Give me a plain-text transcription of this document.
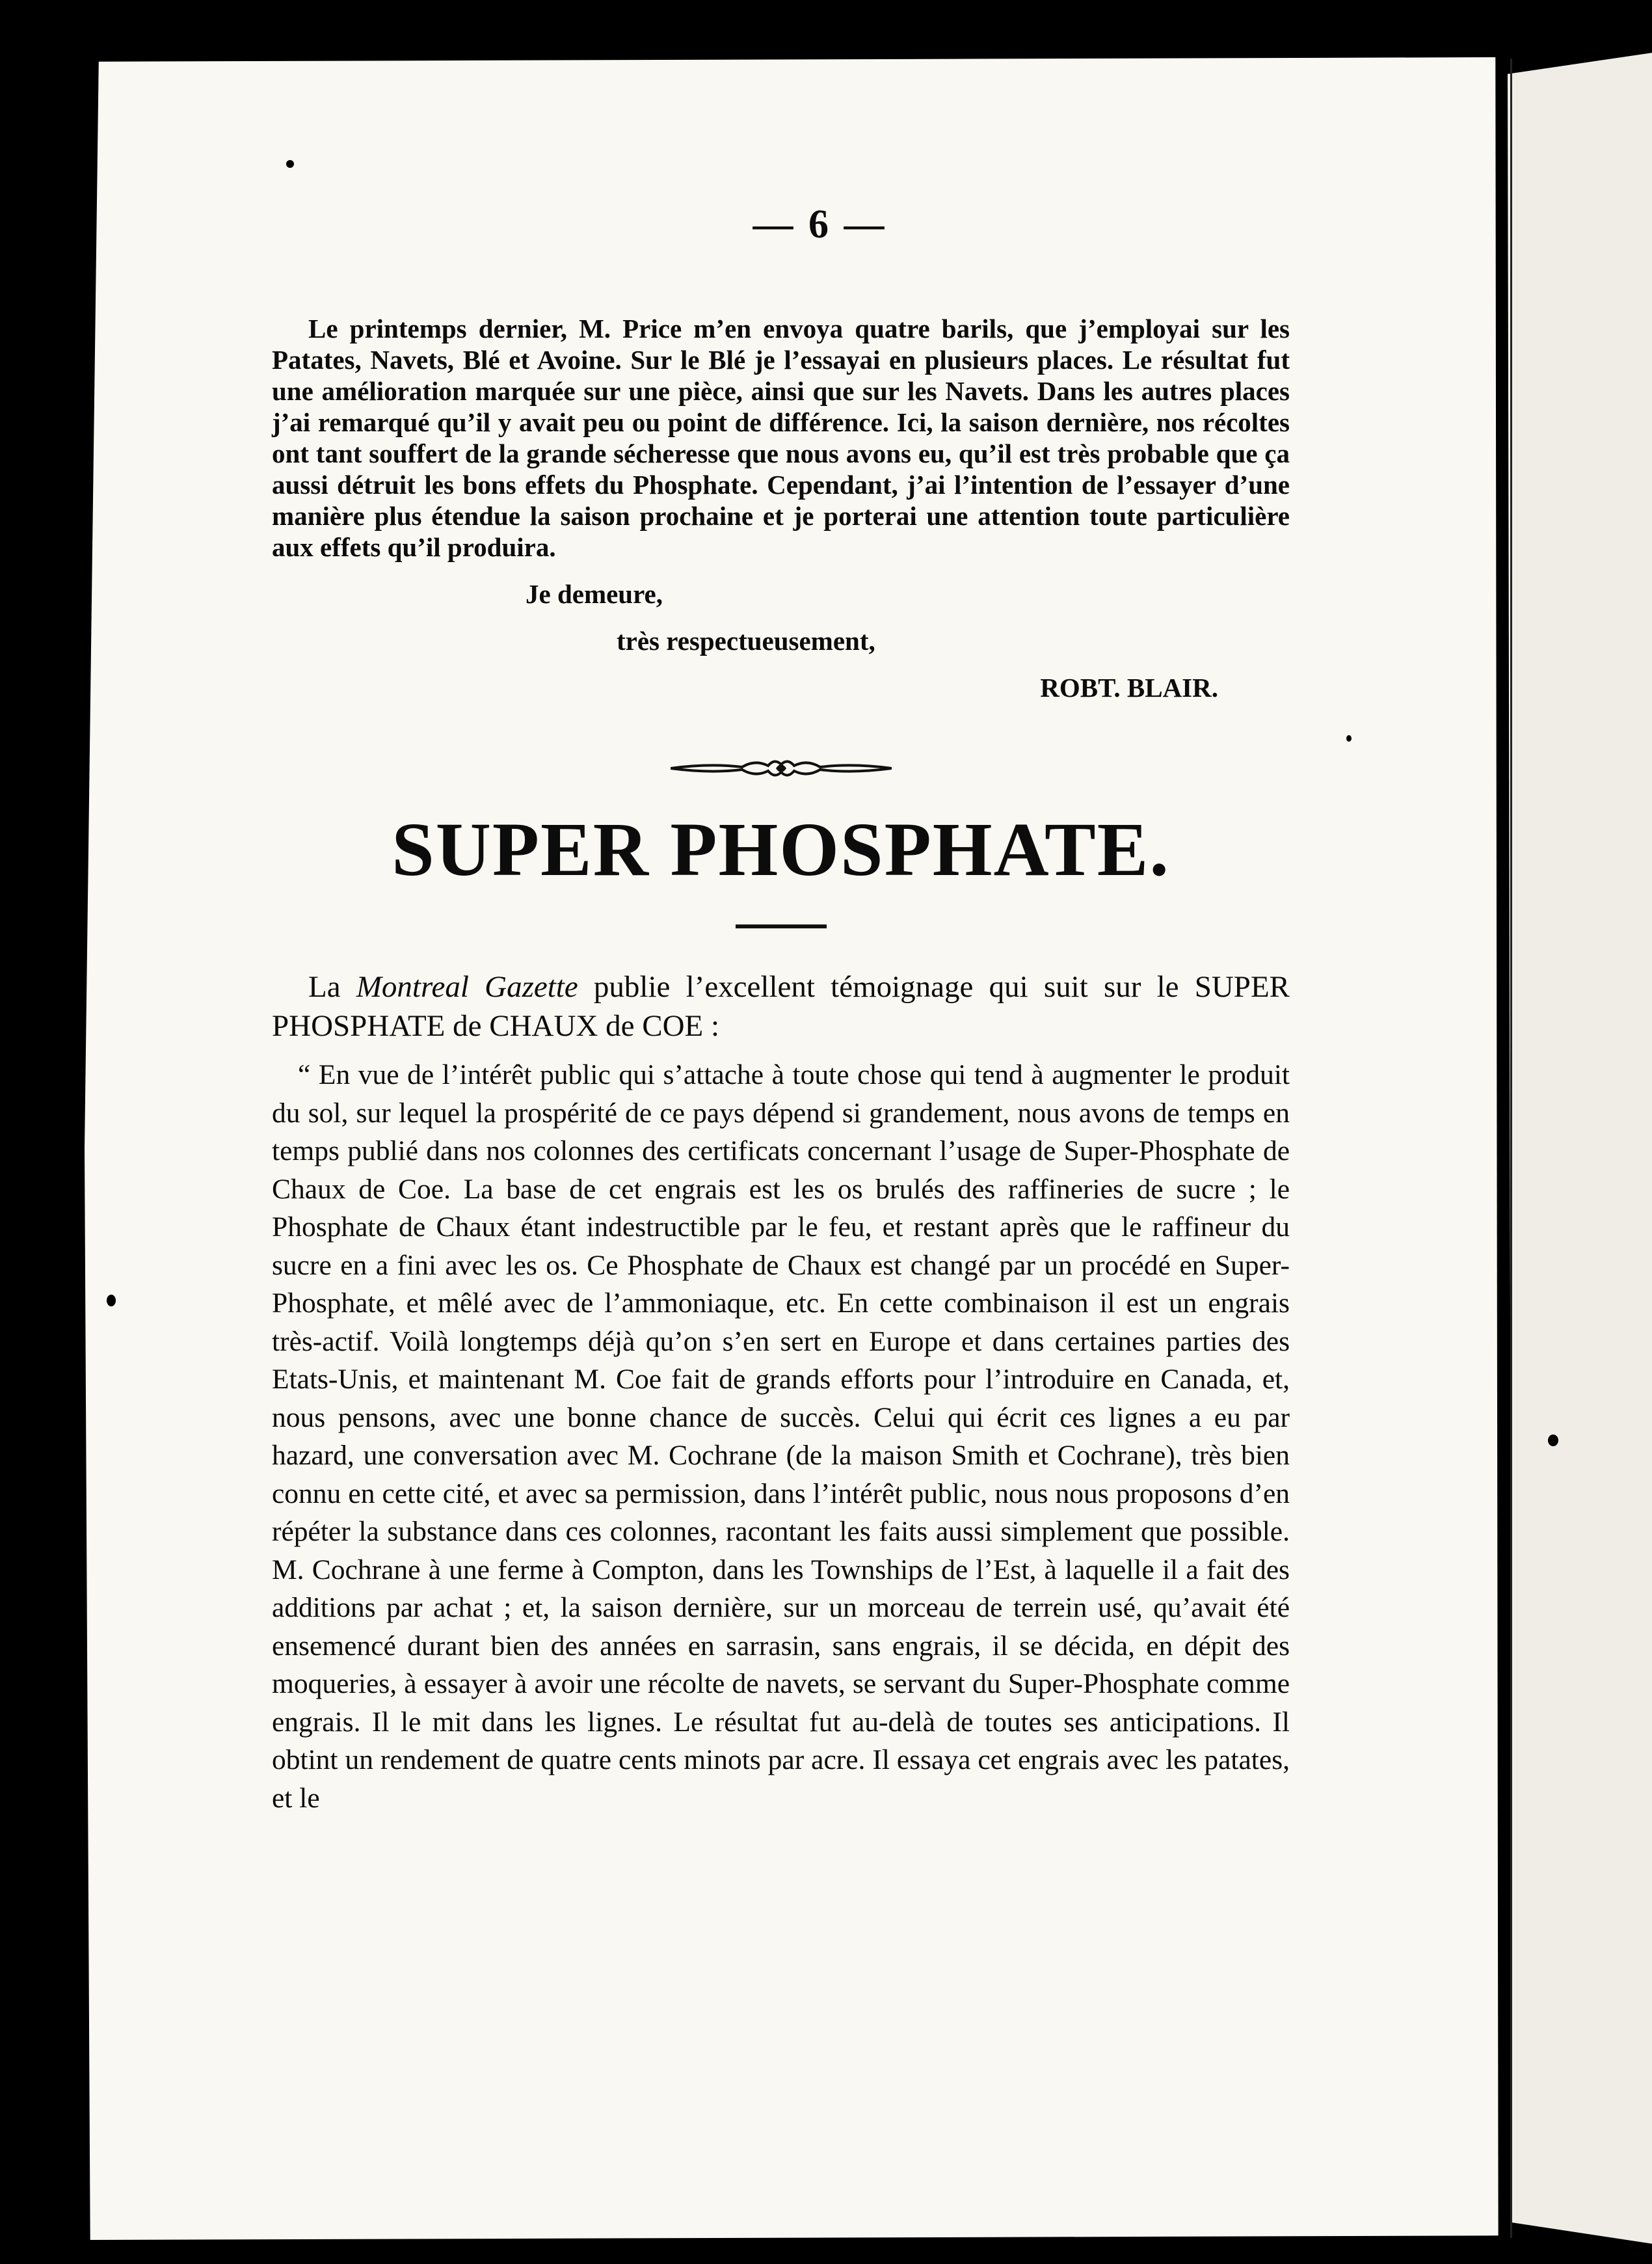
— 6 —

Le printemps dernier, M. Price m’en envoya quatre barils, que j’employai sur les Patates, Navets, Blé et Avoine. Sur le Blé je l’essayai en plusieurs places. Le résultat fut une amélioration marquée sur une pièce, ainsi que sur les Navets. Dans les autres places j’ai remarqué qu’il y avait peu ou point de différence. Ici, la saison dernière, nos récoltes ont tant souffert de la grande sécheresse que nous avons eu, qu’il est très probable que ça aussi détruit les bons effets du Phosphate. Cependant, j’ai l’intention de l’essayer d’une manière plus étendue la saison prochaine et je porterai une attention toute particulière aux effets qu’il produira.

Je demeure,
très respectueusement,
ROBT. BLAIR.
SUPER PHOSPHATE.
La Montreal Gazette publie l’excellent témoignage qui suit sur le SUPER PHOSPHATE de CHAUX de COE :
“ En vue de l’intérêt public qui s’attache à toute chose qui tend à augmenter le produit du sol, sur lequel la prospérité de ce pays dépend si grandement, nous avons de temps en temps publié dans nos colonnes des certificats concernant l’usage de Super-Phosphate de Chaux de Coe. La base de cet engrais est les os brulés des raffineries de sucre ; le Phosphate de Chaux étant indestructible par le feu, et restant après que le raffineur du sucre en a fini avec les os. Ce Phosphate de Chaux est changé par un procédé en Super-Phosphate, et mêlé avec de l’ammoniaque, etc. En cette combinaison il est un engrais très-actif. Voilà longtemps déjà qu’on s’en sert en Europe et dans certaines parties des Etats-Unis, et maintenant M. Coe fait de grands efforts pour l’introduire en Canada, et, nous pensons, avec une bonne chance de succès. Celui qui écrit ces lignes a eu par hazard, une conversation avec M. Cochrane (de la maison Smith et Cochrane), très bien connu en cette cité, et avec sa permission, dans l’intérêt public, nous nous proposons d’en répéter la substance dans ces colonnes, racontant les faits aussi simplement que possible. M. Cochrane à une ferme à Compton, dans les Townships de l’Est, à laquelle il a fait des additions par achat ; et, la saison dernière, sur un morceau de terrein usé, qu’avait été ensemencé durant bien des années en sarrasin, sans engrais, il se décida, en dépit des moqueries, à essayer à avoir une récolte de navets, se servant du Super-Phosphate comme engrais. Il le mit dans les lignes. Le résultat fut au-delà de toutes ses anticipations. Il obtint un rendement de quatre cents minots par acre. Il essaya cet engrais avec les patates, et le
